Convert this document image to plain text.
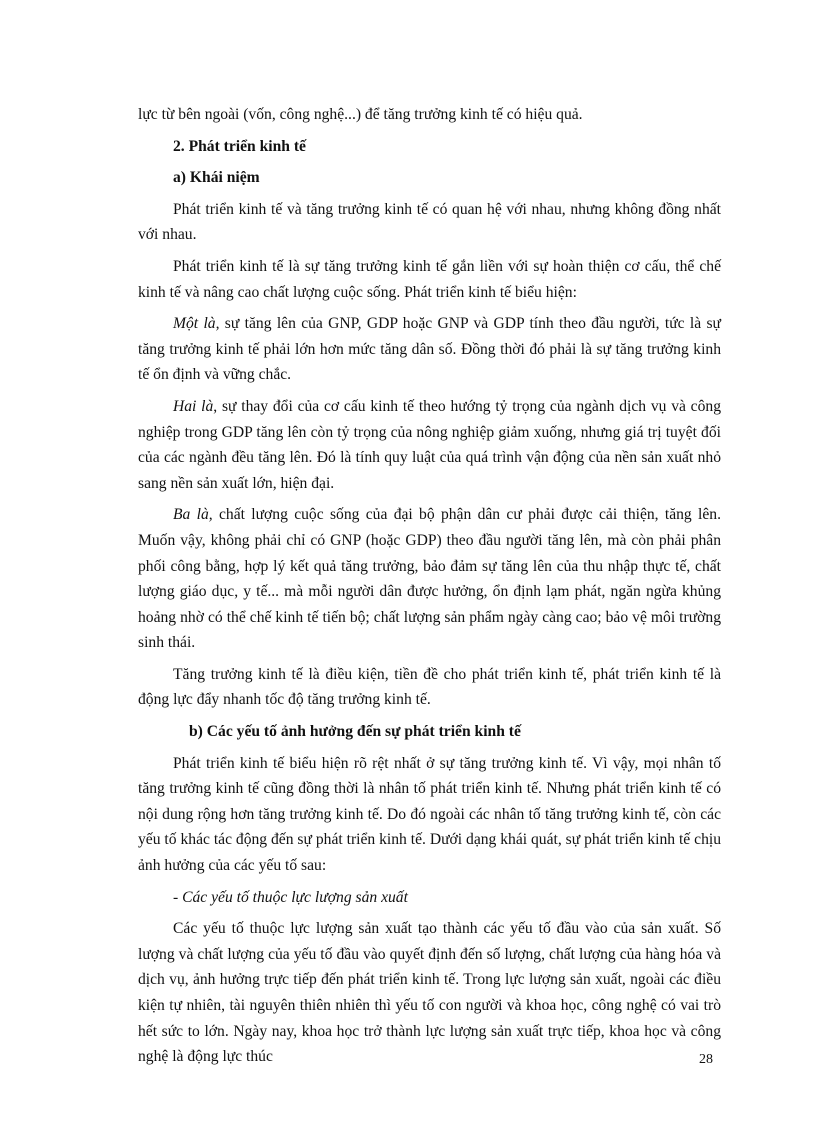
lực từ bên ngoài (vốn, công nghệ...) để tăng trưởng kinh tế có hiệu quả.

2. Phát triển kinh tế
a) Khái niệm

Phát triển kinh tế và tăng trưởng kinh tế có quan hệ với nhau, nhưng không đồng nhất với nhau.

Phát triển kinh tế là sự tăng trưởng kinh tế gắn liền với sự hoàn thiện cơ cấu, thể chế kinh tế và nâng cao chất lượng cuộc sống. Phát triển kinh tế biểu hiện:

Một là, sự tăng lên của GNP, GDP hoặc GNP và GDP tính theo đầu người, tức là sự tăng trưởng kinh tế phải lớn hơn mức tăng dân số. Đồng thời đó phải là sự tăng trưởng kinh tế ổn định và vững chắc.

Hai là, sự thay đổi của cơ cấu kinh tế theo hướng tỷ trọng của ngành dịch vụ và công nghiệp trong GDP tăng lên còn tỷ trọng của nông nghiệp giảm xuống, nhưng giá trị tuyệt đối của các ngành đều tăng lên. Đó là tính quy luật của quá trình vận động của nền sản xuất nhỏ sang nền sản xuất lớn, hiện đại.

Ba là, chất lượng cuộc sống của đại bộ phận dân cư phải được cải thiện, tăng lên. Muốn vậy, không phải chỉ có GNP (hoặc GDP) theo đầu người tăng lên, mà còn phải phân phối công bằng, hợp lý kết quả tăng trưởng, bảo đảm sự tăng lên của thu nhập thực tế, chất lượng giáo dục, y tế... mà mỗi người dân được hưởng, ổn định lạm phát, ngăn ngừa khủng hoảng nhờ có thể chế kinh tế tiến bộ; chất lượng sản phẩm ngày càng cao; bảo vệ môi trường sinh thái.

Tăng trưởng kinh tế là điều kiện, tiền đề cho phát triển kinh tế, phát triển kinh tế là động lực đẩy nhanh tốc độ tăng trưởng kinh tế.

b) Các yếu tố ảnh hưởng đến sự phát triển kinh tế

Phát triển kinh tế biểu hiện rõ rệt nhất ở sự tăng trưởng kinh tế. Vì vậy, mọi nhân tố tăng trưởng kinh tế cũng đồng thời là nhân tố phát triển kinh tế. Nhưng phát triển kinh tế có nội dung rộng hơn tăng trưởng kinh tế. Do đó ngoài các nhân tố tăng trưởng kinh tế, còn các yếu tố khác tác động đến sự phát triển kinh tế. Dưới dạng khái quát, sự phát triển kinh tế chịu ảnh hưởng của các yếu tố sau:

- Các yếu tố thuộc lực lượng sản xuất

Các yếu tố thuộc lực lượng sản xuất tạo thành các yếu tố đầu vào của sản xuất. Số lượng và chất lượng của yếu tố đầu vào quyết định đến số lượng, chất lượng của hàng hóa và dịch vụ, ảnh hưởng trực tiếp đến phát triển kinh tế. Trong lực lượng sản xuất, ngoài các điều kiện tự nhiên, tài nguyên thiên nhiên thì yếu tố con người và khoa học, công nghệ có vai trò hết sức to lớn. Ngày nay, khoa học trở thành lực lượng sản xuất trực tiếp, khoa học và công nghệ là động lực thúc	28
